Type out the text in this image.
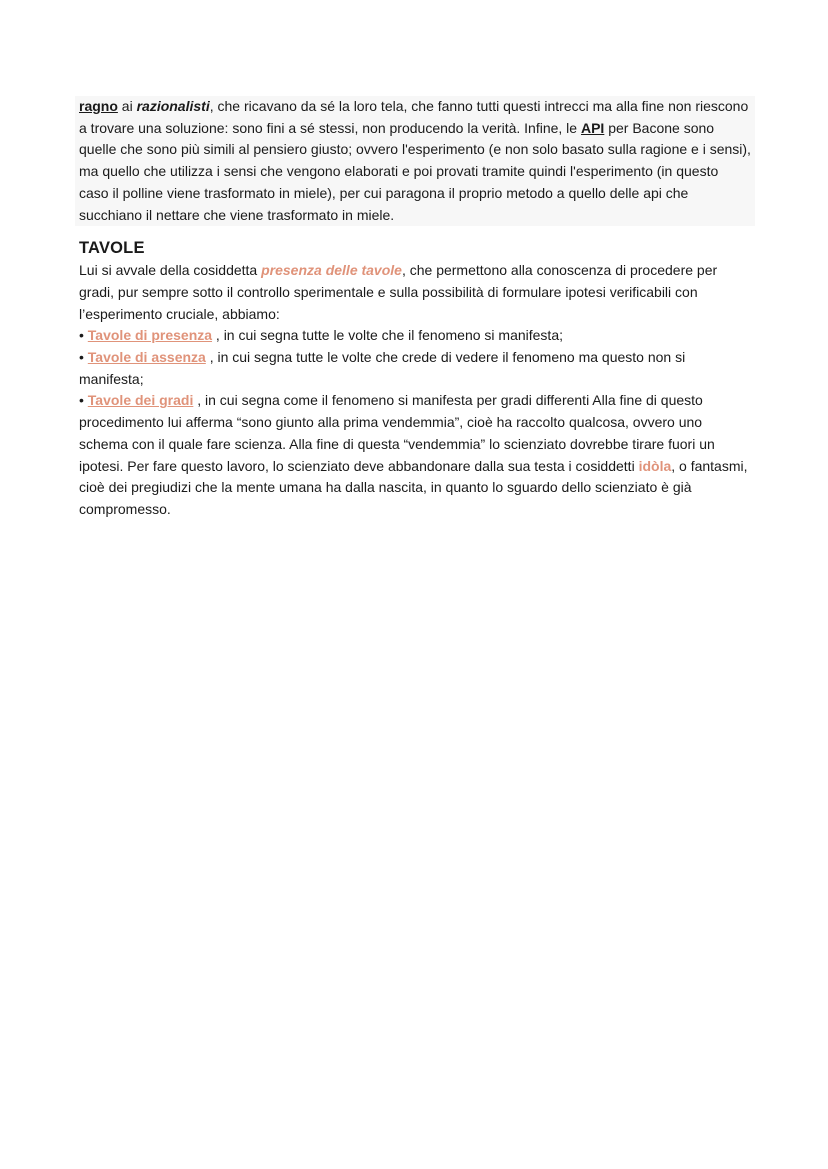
ragno ai razionalisti, che ricavano da sé la loro tela, che fanno tutti questi intrecci ma alla fine non riescono a trovare una soluzione: sono fini a sé stessi, non producendo la verità. Infine, le API per Bacone sono quelle che sono più simili al pensiero giusto; ovvero l'esperimento (e non solo basato sulla ragione e i sensi), ma quello che utilizza i sensi che vengono elaborati e poi provati tramite quindi l'esperimento (in questo caso il polline viene trasformato in miele), per cui paragona il proprio metodo a quello delle api che succhiano il nettare che viene trasformato in miele.

TAVOLE

Lui si avvale della cosiddetta presenza delle tavole, che permettono alla conoscenza di procedere per gradi, pur sempre sotto il controllo sperimentale e sulla possibilità di formulare ipotesi verificabili con l’esperimento cruciale, abbiamo:

• Tavole di presenza , in cui segna tutte le volte che il fenomeno si manifesta;

• Tavole di assenza , in cui segna tutte le volte che crede di vedere il fenomeno ma questo non si manifesta;

• Tavole dei gradi , in cui segna come il fenomeno si manifesta per gradi differenti Alla fine di questo procedimento lui afferma “sono giunto alla prima vendemmia”, cioè ha raccolto qualcosa, ovvero uno schema con il quale fare scienza. Alla fine di questa “vendemmia” lo scienziato dovrebbe tirare fuori un ipotesi. Per fare questo lavoro, lo scienziato deve abbandonare dalla sua testa i cosiddetti idòla, o fantasmi, cioè dei pregiudizi che la mente umana ha dalla nascita, in quanto lo sguardo dello scienziato è già compromesso.
